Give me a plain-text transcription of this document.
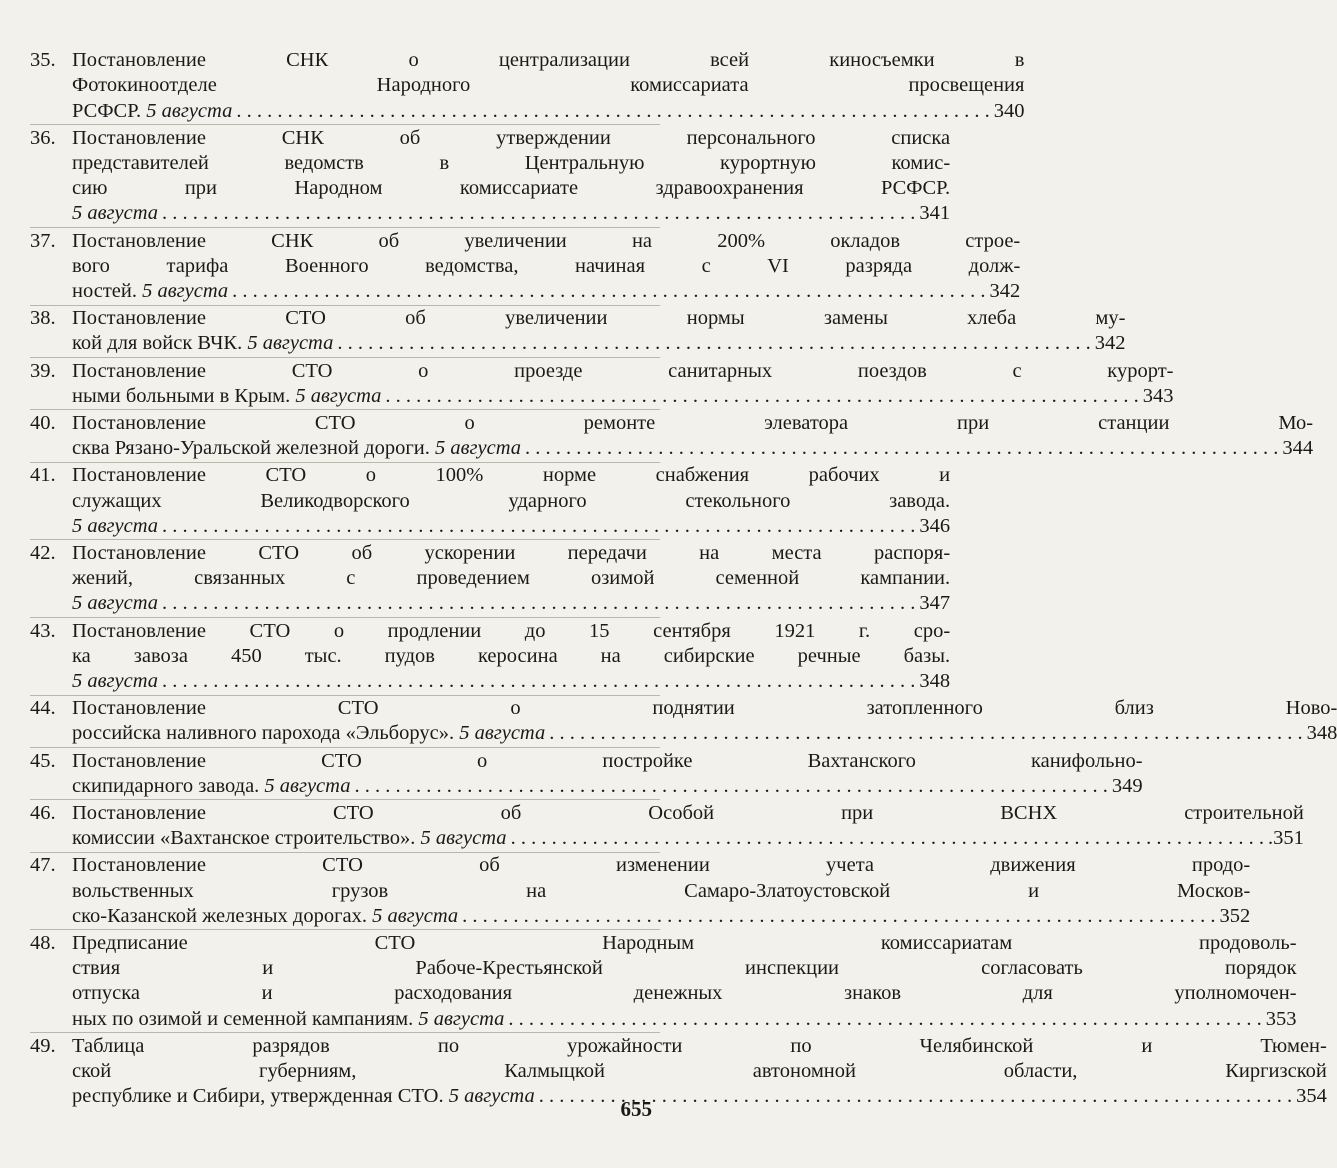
35. Постановление СНК о централизации всей киносъемки в
Фотокиноотделе Народного комиссариата просвещения
РСФСР. 5 августа . . .	340
36. Постановление СНК об утверждении персонального списка
представителей ведомств в Центральную курортную комис-
сию при Народном комиссариате здравоохранения РСФСР.
5 августа . . .	341
37. Постановление СНК об увеличении на 200% окладов строе-
вого тарифа Военного ведомства, начиная с VI разряда долж-
ностей. 5 августа . . .	342
38. Постановление СТО об увеличении нормы замены хлеба му-
кой для войск ВЧК. 5 августа . . .	342
39. Постановление СТО о проезде санитарных поездов с курорт-
ными больными в Крым. 5 августа . . .	343
40. Постановление СТО о ремонте элеватора при станции Мо-
сква Рязано-Уральской железной дороги. 5 августа . . .	344
41. Постановление СТО о 100% норме снабжения рабочих и
служащих Великодворского ударного стекольного завода.
5 августа . . .	346
42. Постановление СТО об ускорении передачи на места распоря-
жений, связанных с проведением озимой семенной кампании.
5 августа . . .	347
43. Постановление СТО о продлении до 15 сентября 1921 г. сро-
ка завоза 450 тыс. пудов керосина на сибирские речные базы.
5 августа . . .	348
44. Постановление СТО о поднятии затопленного близ Ново-
российска наливного парохода «Эльборус». 5 августа . . .	348
45. Постановление СТО о постройке Вахтанского канифольно-
скипидарного завода. 5 августа . . .	349
46. Постановление СТО об Особой при ВСНХ строительной
комиссии «Вахтанское строительство». 5 августа . . .	.351
47. Постановление СТО об изменении учета движения продо-
вольственных грузов на Самаро-Златоустовской и Москов-
ско-Казанской железных дорогах. 5 августа . . .	352
48. Предписание СТО Народным комиссариатам продоволь-
ствия и Рабоче-Крестьянской инспекции согласовать порядок
отпуска и расходования денежных знаков для уполномочен-
ных по озимой и семенной кампаниям. 5 августа . . .	353
49. Таблица разрядов по урожайности по Челябинской и Тюмен-
ской губерниям, Калмыцкой автономной области, Киргизской
республике и Сибири, утвержденная СТО. 5 августа . . .	354
655
